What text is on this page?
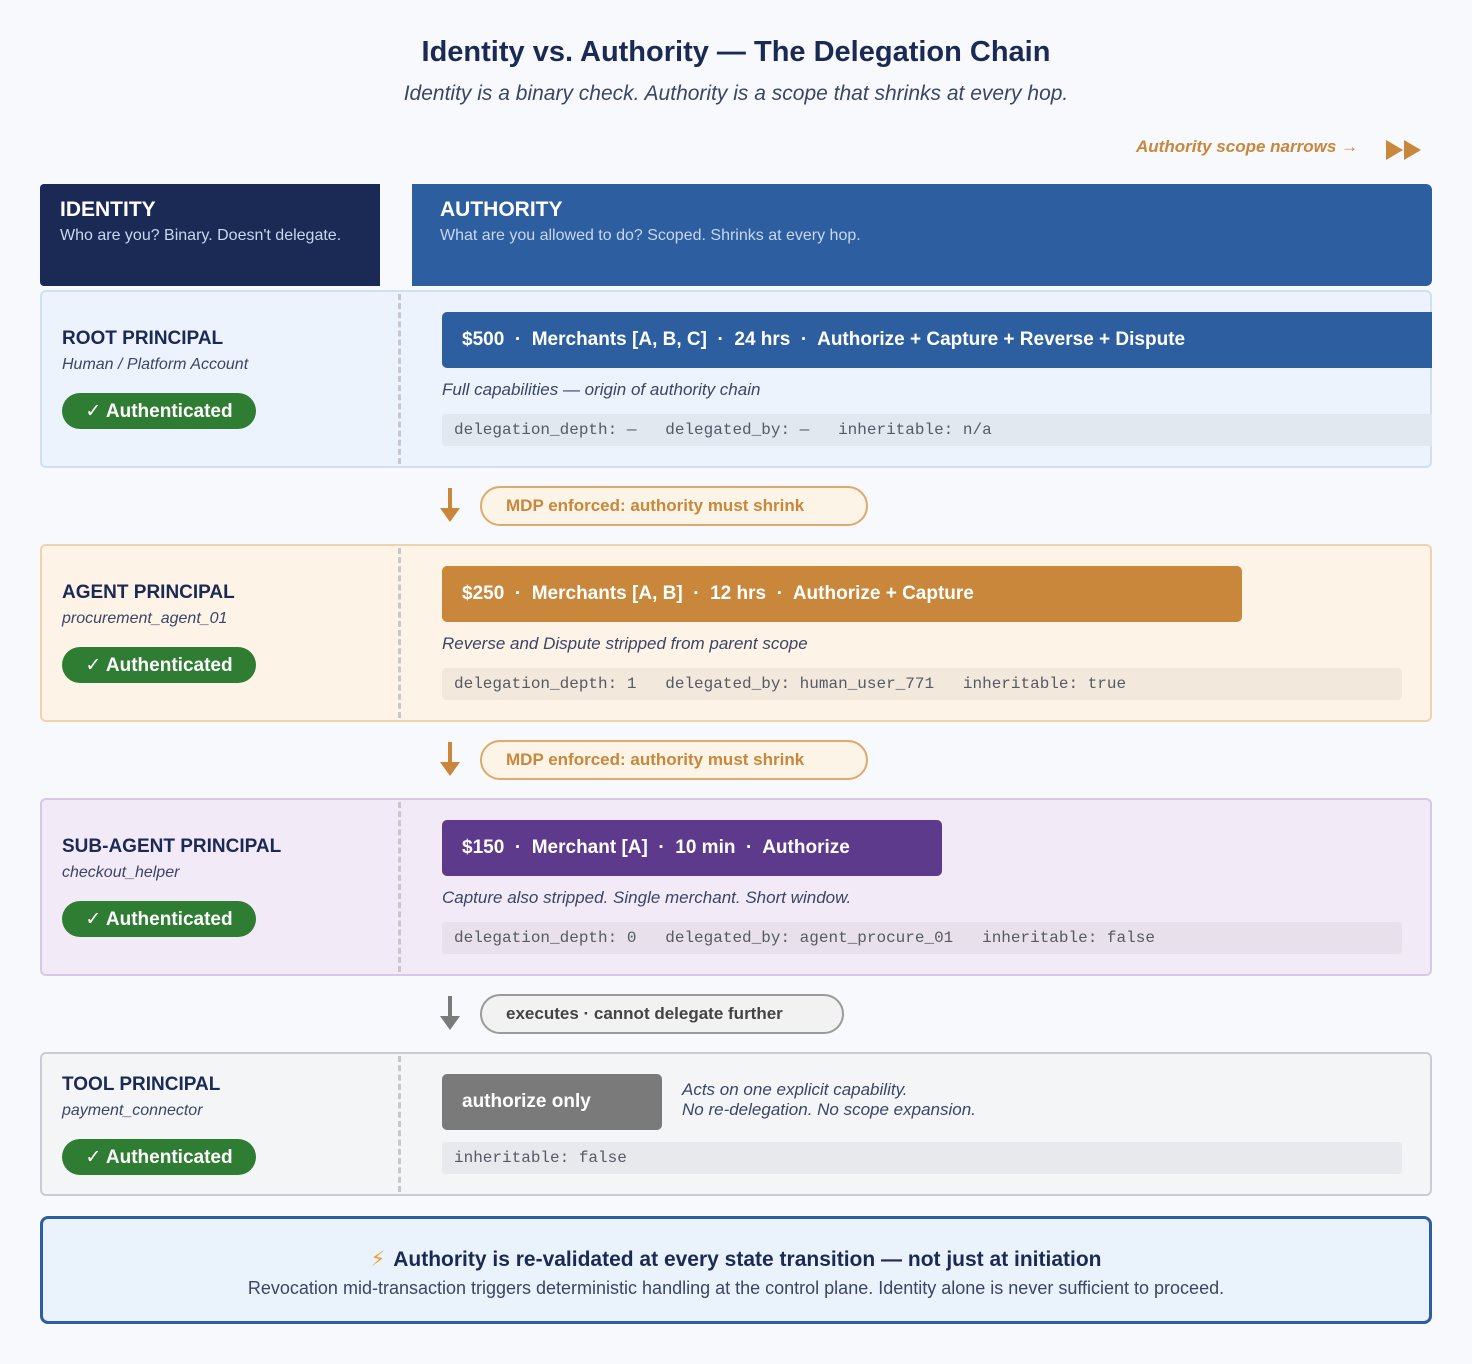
Identity vs. Authority — The Delegation Chain
Identity is a binary check. Authority is a scope that shrinks at every hop.
Authority scope narrows →
IDENTITY
Who are you? Binary. Doesn't delegate.
AUTHORITY
What are you allowed to do? Scoped. Shrinks at every hop.
ROOT PRINCIPAL
Human / Platform Account
✓ Authenticated
$500  ·  Merchants [A, B, C]  ·  24 hrs  ·  Authorize + Capture + Reverse + Dispute
Full capabilities — origin of authority chain
delegation_depth: —   delegated_by: —   inheritable: n/a
MDP enforced: authority must shrink
AGENT PRINCIPAL
procurement_agent_01
✓ Authenticated
$250  ·  Merchants [A, B]  ·  12 hrs  ·  Authorize + Capture
Reverse and Dispute stripped from parent scope
delegation_depth: 1   delegated_by: human_user_771   inheritable: true
MDP enforced: authority must shrink
SUB-AGENT PRINCIPAL
checkout_helper
✓ Authenticated
$150  ·  Merchant [A]  ·  10 min  ·  Authorize
Capture also stripped. Single merchant. Short window.
delegation_depth: 0   delegated_by: agent_procure_01   inheritable: false
executes · cannot delegate further
TOOL PRINCIPAL
payment_connector
✓ Authenticated
authorize only
Acts on one explicit capability.
No re-delegation. No scope expansion.
inheritable: false
⚡ Authority is re-validated at every state transition — not just at initiation
Revocation mid-transaction triggers deterministic handling at the control plane. Identity alone is never sufficient to proceed.
